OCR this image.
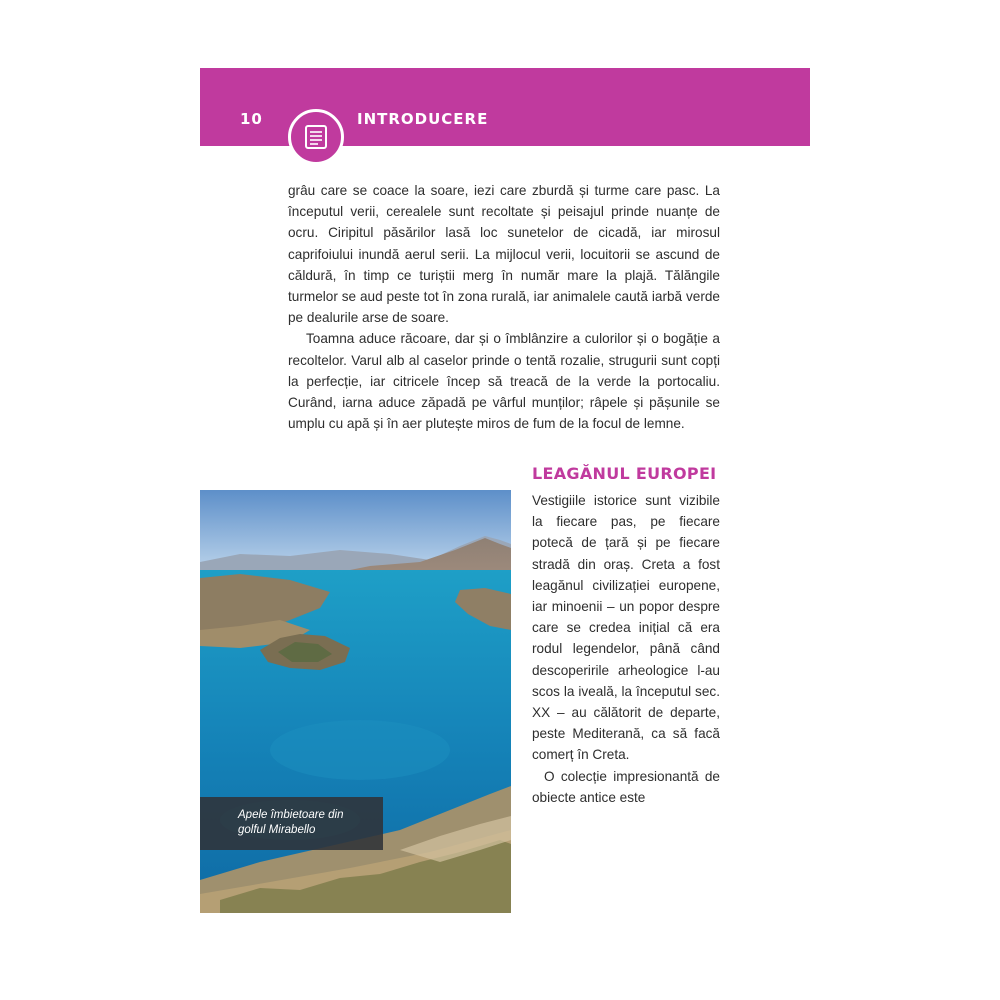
10	INTRODUCERE

grâu care se coace la soare, iezi care zburdă și turme care pasc. La începutul verii, cerealele sunt recoltate și peisajul prinde nuanțe de ocru. Ciripitul păsărilor lasă loc sunetelor de cicadă, iar mirosul caprifoiului inundă aerul serii. La mijlocul verii, locuitorii se ascund de căldură, în timp ce turiștii merg în număr mare la plajă. Tălăngile turmelor se aud peste tot în zona rurală, iar animalele caută iarbă verde pe dealurile arse de soare.

Toamna aduce răcoare, dar și o îmblânzire a culorilor și o bogăție a recoltelor. Varul alb al caselor prinde o tentă rozalie, strugurii sunt copți la perfecție, iar citricele încep să treacă de la verde la portocaliu. Curând, iarna aduce zăpadă pe vârful munților; râpele și pășunile se umplu cu apă și în aer plutește miros de fum de la focul de lemne.

Apele îmbietoare din
golful Mirabello
LEAGĂNUL EUROPEI

Vestigiile istorice sunt vizibile la fiecare pas, pe fiecare potecă de țară și pe fiecare stradă din oraș. Creta a fost leagănul civilizației europene, iar minoenii – un popor despre care se credea inițial că era rodul legendelor, până când descoperirile arheologice l-au scos la iveală, la începutul sec. XX – au călătorit de departe, peste Mediterană, ca să facă comerț în Creta.

O colecție impresionantă de obiecte antice este
